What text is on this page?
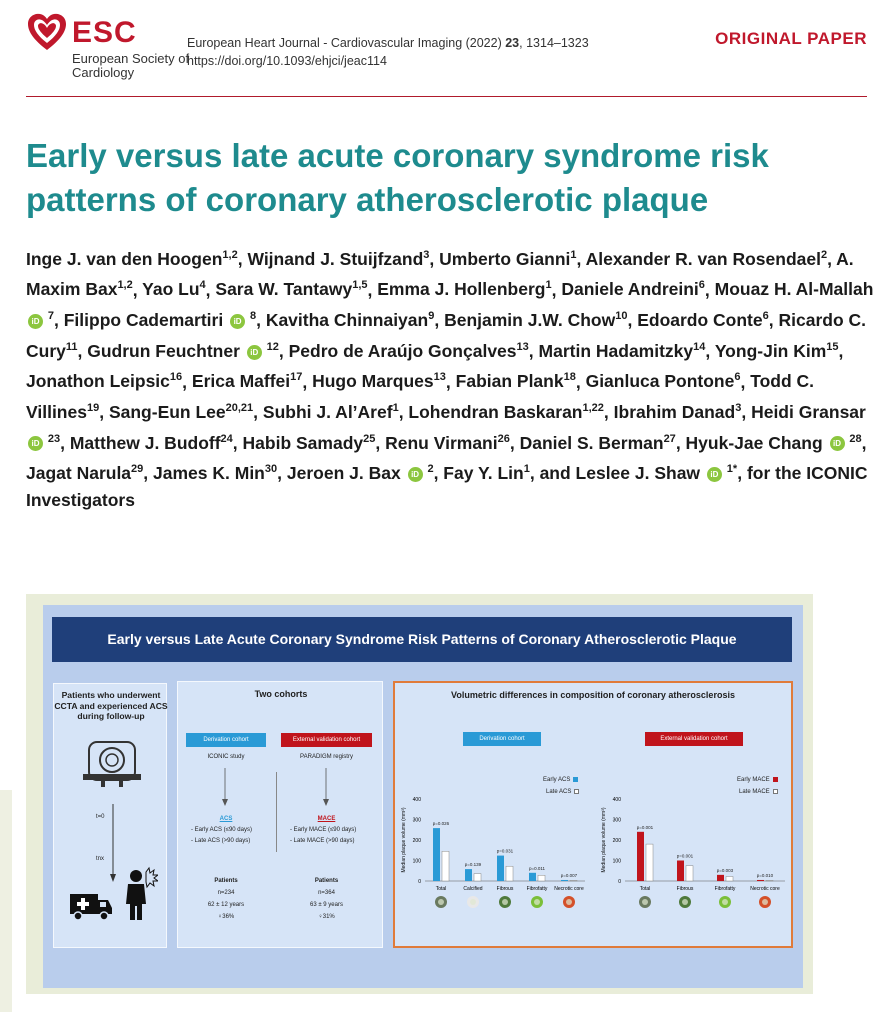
ESC
European Society of Cardiology
European Heart Journal - Cardiovascular Imaging (2022) 23, 1314–1323
https://doi.org/10.1093/ehjci/jeac114
ORIGINAL PAPER
Early versus late acute coronary syndrome risk patterns of coronary atherosclerotic plaque
Inge J. van den Hoogen$^{1,2}$, Wijnand J. Stuijfzand$^3$, Umberto Gianni$^1$, Alexander R. van Rosendael$^2$, A. Maxim Bax$^{1,2}$, Yao Lu$^4$, Sara W. Tantawy$^{1,5}$, Emma J. Hollenberg$^1$, Daniele Andreini$^6$, Mouaz H. Al-Mallah iD $^7$, Filippo Cademartiri iD $^8$, Kavitha Chinnaiyan$^9$, Benjamin J.W. Chow$^{10}$, Edoardo Conte$^6$, Ricardo C. Cury$^{11}$, Gudrun Feuchtner iD $^{12}$, Pedro de Araújo Gonçalves$^{13}$, Martin Hadamitzky$^{14}$, Yong-Jin Kim$^{15}$, Jonathon Leipsic$^{16}$, Erica Maffei$^{17}$, Hugo Marques$^{13}$, Fabian Plank$^{18}$, Gianluca Pontone$^6$, Todd C. Villines$^{19}$, Sang-Eun Lee$^{20,21}$, Subhi J. Al’Aref$^1$, Lohendran Baskaran$^{1,22}$, Ibrahim Danad$^3$, Heidi Gransar iD $^{23}$, Matthew J. Budoff$^{24}$, Habib Samady$^{25}$, Renu Virmani$^{26}$, Daniel S. Berman$^{27}$, Hyuk-Jae Chang iD $^{28}$, Jagat Narula$^{29}$, James K. Min$^{30}$, Jeroen J. Bax iD $^2$, Fay Y. Lin$^1$, and Leslee J. Shaw iD $^{1*}$, for the ICONIC Investigators
Early versus Late Acute Coronary Syndrome Risk Patterns of Coronary Atherosclerotic Plaque
Patients who underwent CCTA and experienced ACS during follow-up
t=0
tnx
Two cohorts
Derivation cohort	External validation cohort
ICONIC study	PARADIGM registry
ACS
- Early ACS (≤90 days)
- Late ACS (>90 days)
MACE
- Early MACE (≤90 days)
- Late MACE (>90 days)
Patients
n=234
62 ± 12 years
♀36%
Patients
n=364
63 ± 9 years
♀31%
Volumetric differences in composition of coronary atherosclerosis
Derivation cohort	External validation cohort
Early ACS
Late ACS
Early MACE
Late MACE
Median plaque volume (mm³)
400
300
200
100
0
p=0.026
Total
p=0.139
Calcified
p=0.031
Fibrous
p=0.011
Fibrofatty
p=0.007
Necrotic core
Median plaque volume (mm³)
400
300
200
100
0
p=0.001
Total
p=0.001
Fibrous
p=0.003
Fibrofatty
p=0.010
Necrotic core
